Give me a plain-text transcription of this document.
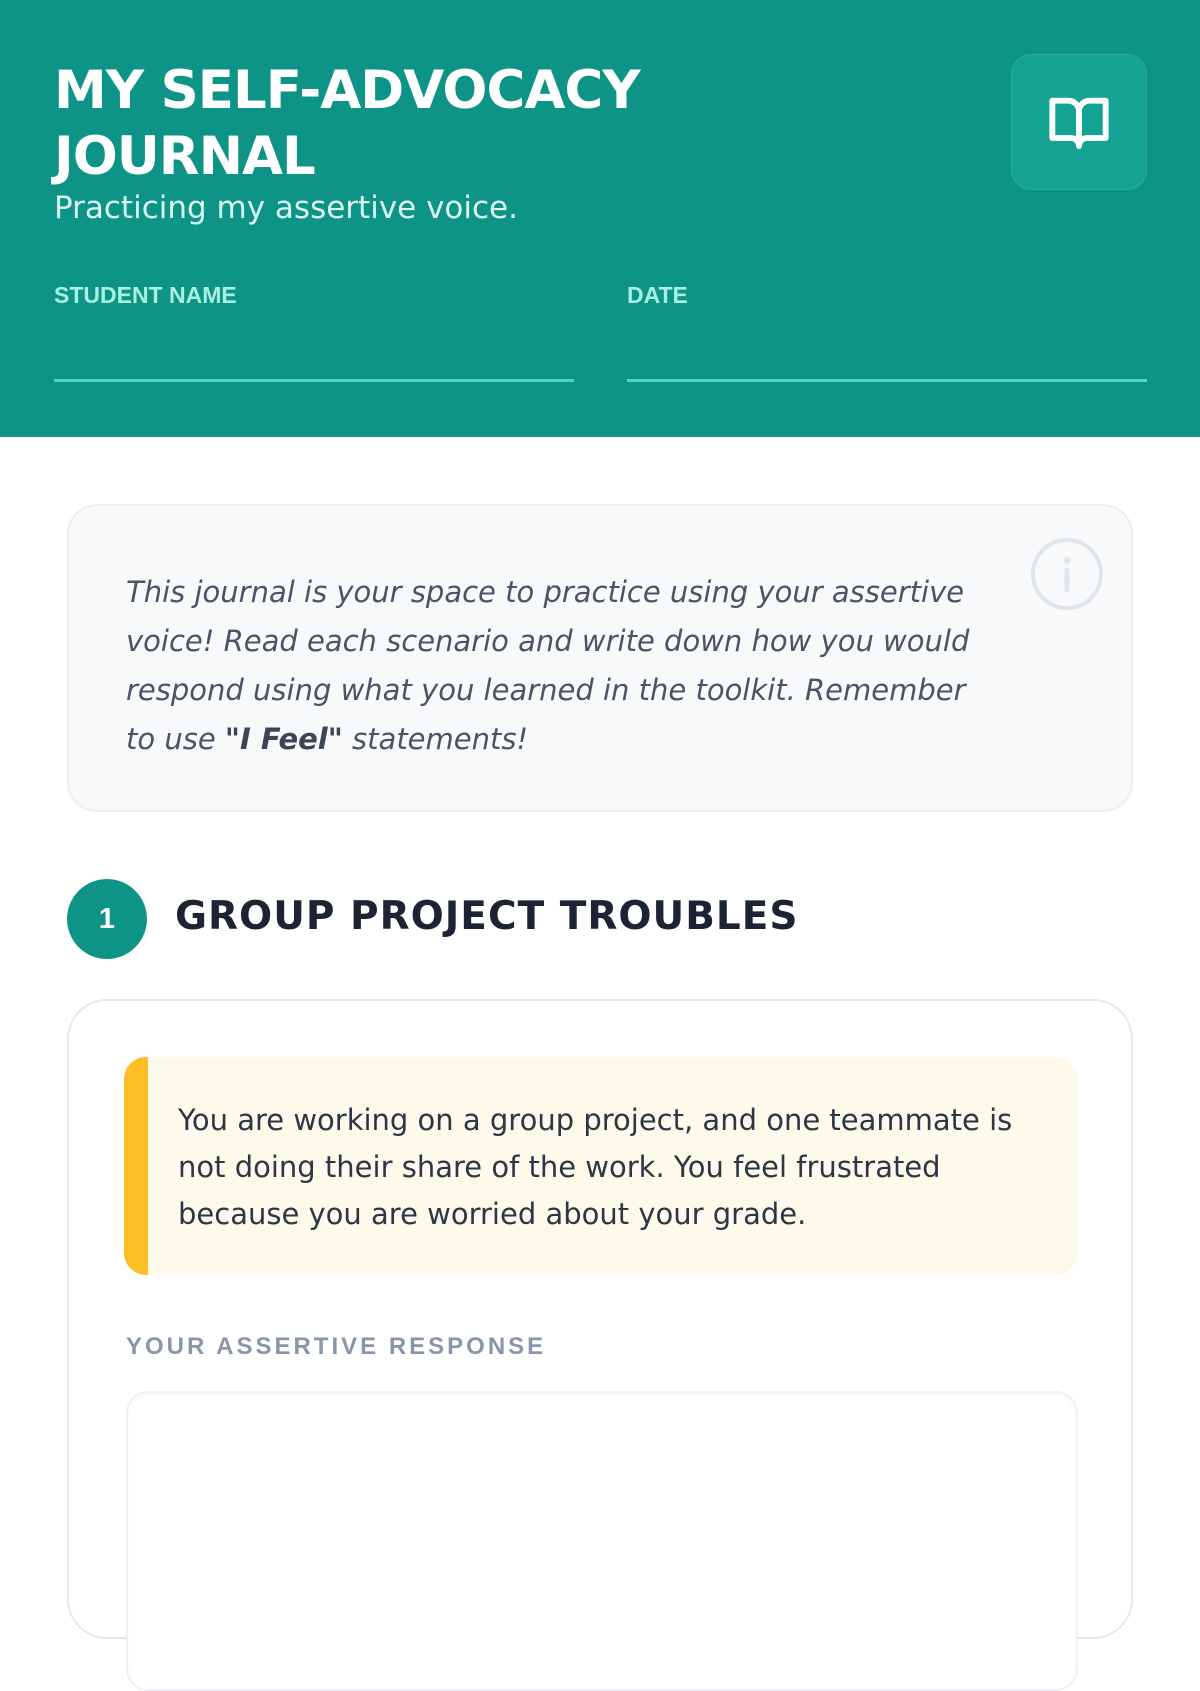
MY SELF-ADVOCACY
JOURNAL
Practicing my assertive voice.
STUDENT NAME	DATE
This journal is your space to practice using your assertive voice! Read each scenario and write down how you would respond using what you learned in the toolkit. Remember to use "I Feel" statements!
1	GROUP PROJECT TROUBLES
You are working on a group project, and one teammate is not doing their share of the work. You feel frustrated because you are worried about your grade.
YOUR ASSERTIVE RESPONSE
